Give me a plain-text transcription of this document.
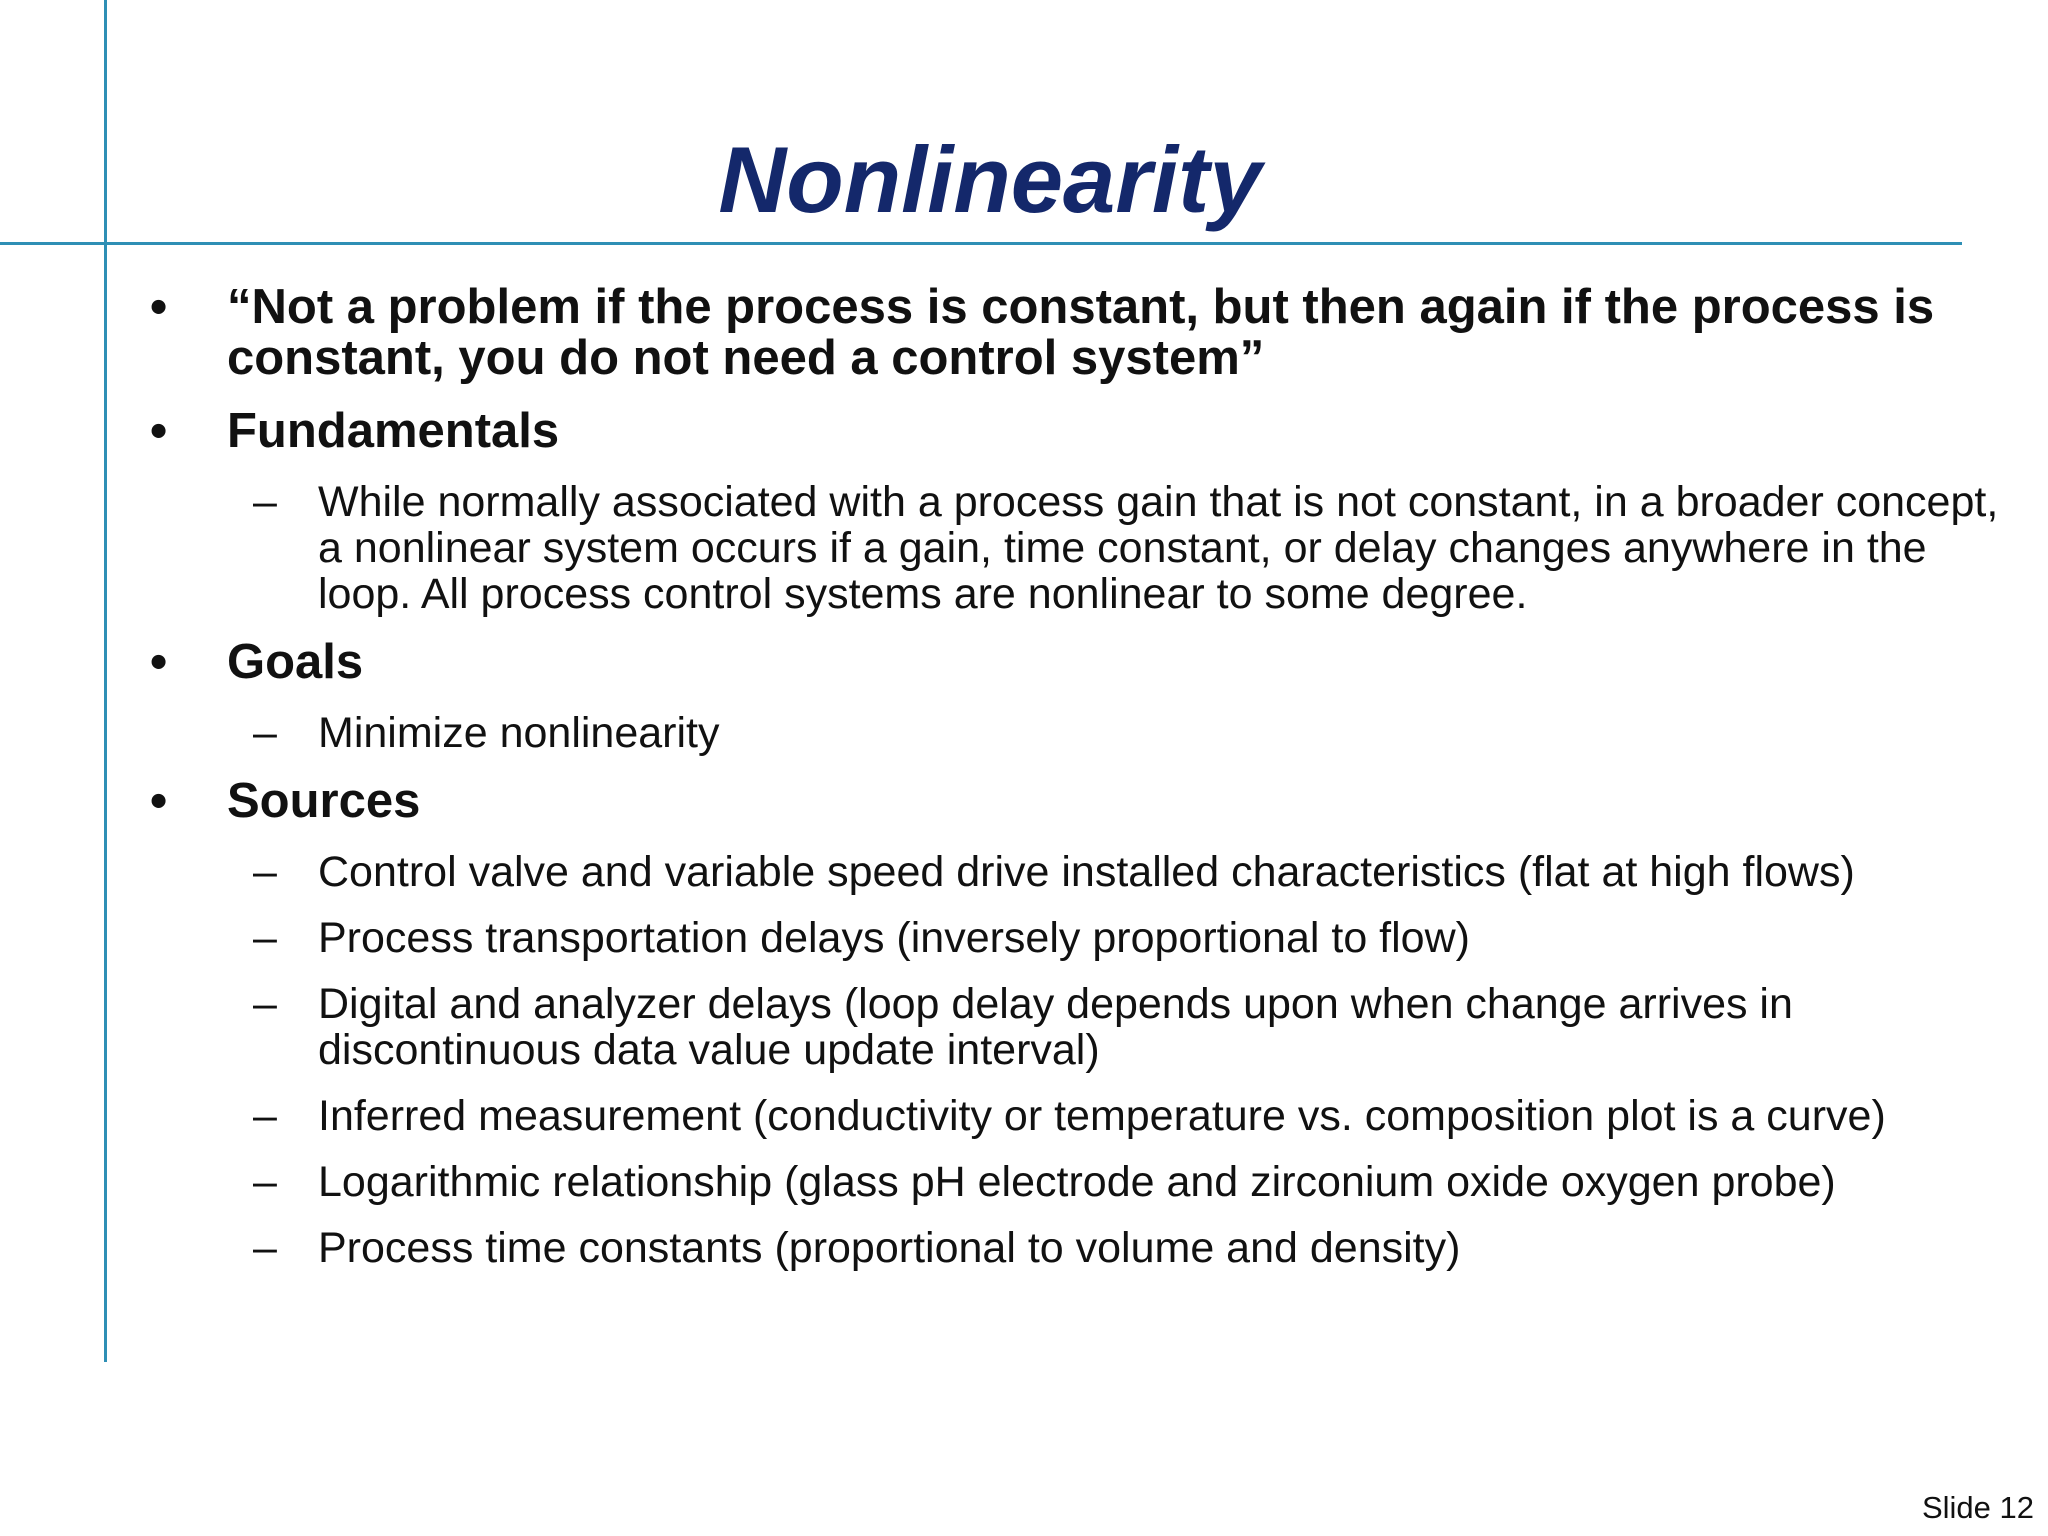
Nonlinearity
•	“Not a problem if the process is constant, but then again if the process is constant, you do not need a control system”
•	Fundamentals
– While normally associated with a process gain that is not constant, in a broader concept, a nonlinear system occurs if a gain, time constant, or delay changes anywhere in the loop. All process control systems are nonlinear to some degree.
•	Goals
– Minimize nonlinearity
•	Sources
– Control valve and variable speed drive installed characteristics (flat at high flows)
– Process transportation delays (inversely proportional to flow)
– Digital and analyzer delays (loop delay depends upon when change arrives in discontinuous data value update interval)
– Inferred measurement (conductivity or temperature vs. composition plot is a curve)
– Logarithmic relationship (glass pH electrode and zirconium oxide oxygen probe)
– Process time constants (proportional to volume and density)
Slide 12
